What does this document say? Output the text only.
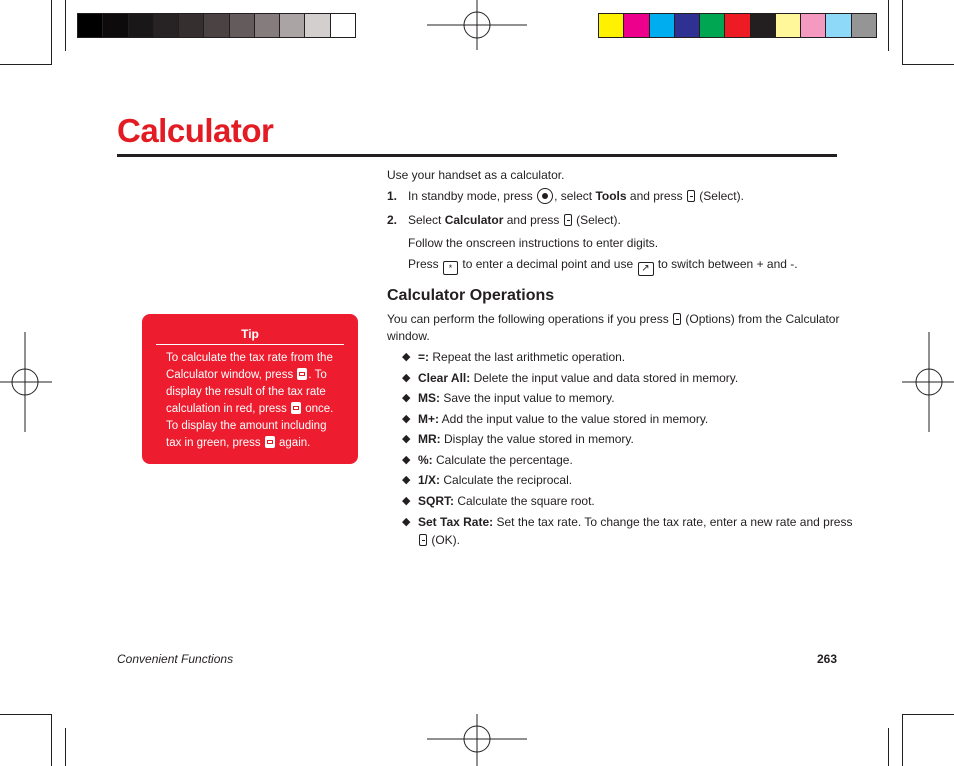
Calculator
Use your handset as a calculator.
1. In standby mode, press , select Tools and press (Select).
2. Select Calculator and press (Select).
Follow the onscreen instructions to enter digits.
Press * to enter a decimal point and use ↗ to switch between + and -.
Calculator Operations
You can perform the following operations if you press (Options) from the Calculator
window.
◆ =: Repeat the last arithmetic operation.
◆ Clear All: Delete the input value and data stored in memory.
◆ MS: Save the input value to memory.
◆ M+: Add the input value to the value stored in memory.
◆ MR: Display the value stored in memory.
◆ %: Calculate the percentage.
◆ 1/X: Calculate the reciprocal.
◆ SQRT: Calculate the square root.
◆ Set Tax Rate: Set the tax rate. To change the tax rate, enter a new rate and press
(OK).
Tip
To calculate the tax rate from the
Calculator window, press . To
display the result of the tax rate
calculation in red, press once.
To display the amount including
tax in green, press again.
Convenient Functions	263
